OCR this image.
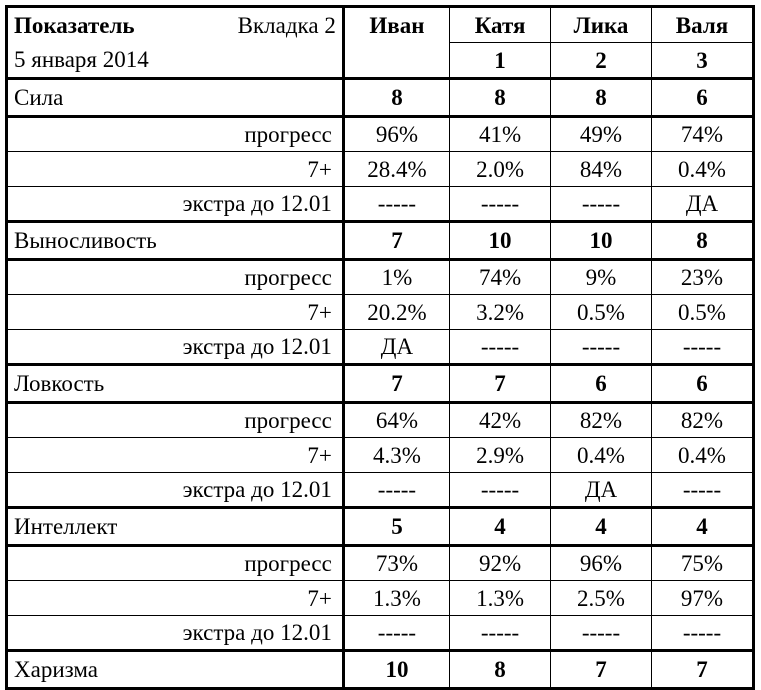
Показатель Вкладка 2	Иван	Катя	Лика	Валя
5 января 2014		1	2	3
Сила	8	8	8	6
прогресс	96%	41%	49%	74%
7+	28.4%	2.0%	84%	0.4%
экстра до 12.01	-----	-----	-----	ДА
Выносливость	7	10	10	8
прогресс	1%	74%	9%	23%
7+	20.2%	3.2%	0.5%	0.5%
экстра до 12.01	ДА	-----	-----	-----
Ловкость	7	7	6	6
прогресс	64%	42%	82%	82%
7+	4.3%	2.9%	0.4%	0.4%
экстра до 12.01	-----	-----	ДА	-----
Интеллект	5	4	4	4
прогресс	73%	92%	96%	75%
7+	1.3%	1.3%	2.5%	97%
экстра до 12.01	-----	-----	-----	-----
Харизма	10	8	7	7
